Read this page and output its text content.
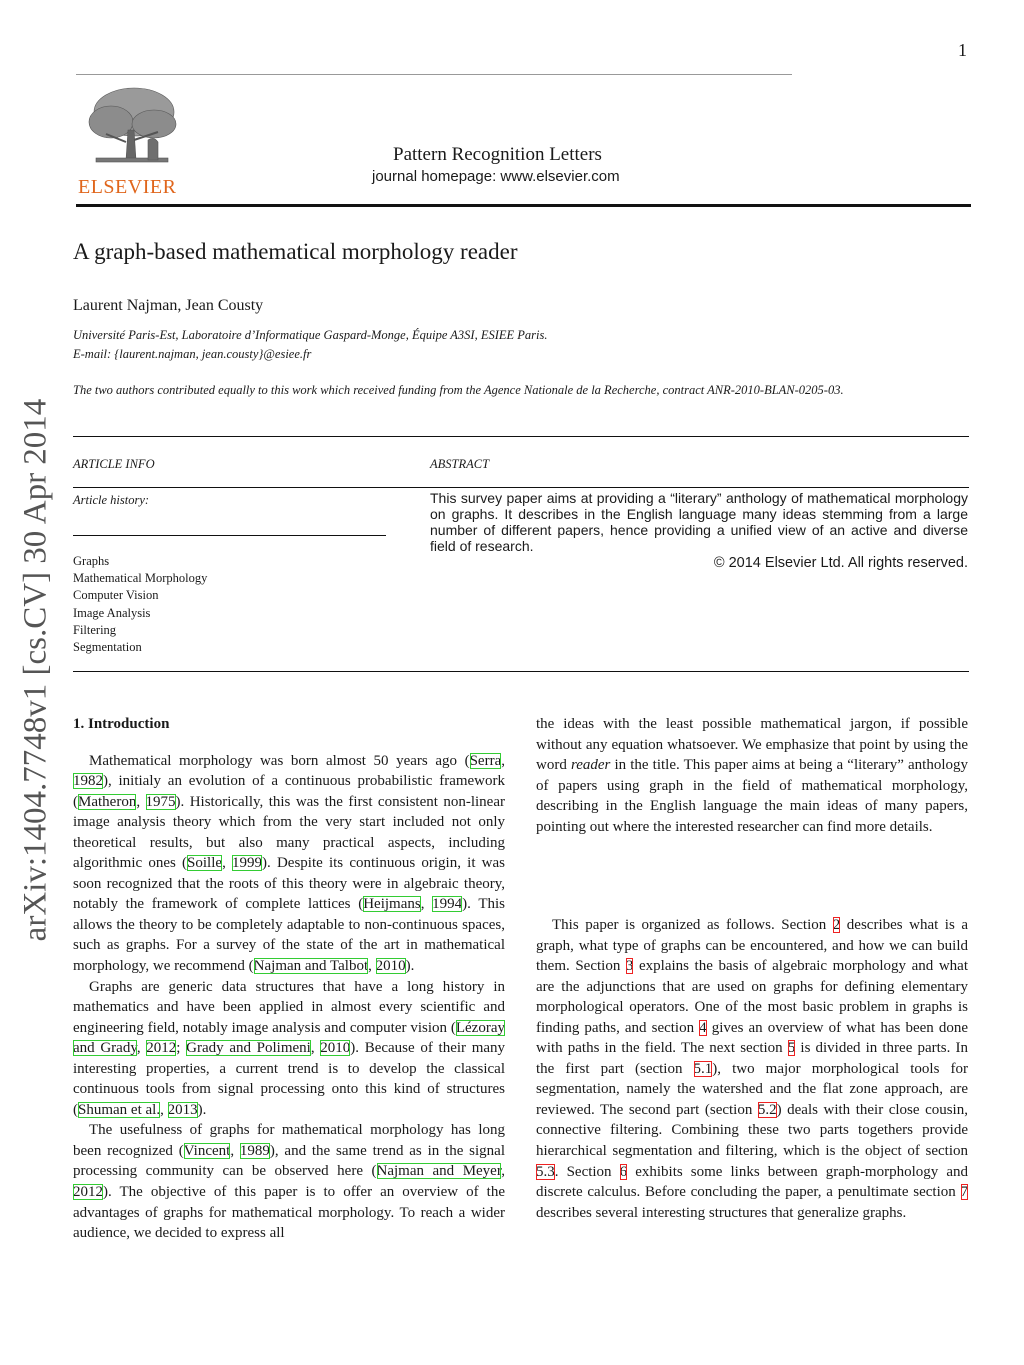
1
ELSEVIER
Pattern Recognition Letters
journal homepage: www.elsevier.com
A graph-based mathematical morphology reader
Laurent Najman, Jean Cousty
Université Paris-Est, Laboratoire d’Informatique Gaspard-Monge, Équipe A3SI, ESIEE Paris.
E-mail: {laurent.najman, jean.cousty}@esiee.fr
The two authors contributed equally to this work which received funding from the Agence Nationale de la Recherche, contract ANR-2010-BLAN-0205-03.
ARTICLE INFO	ABSTRACT
Article history:
Graphs
Mathematical Morphology
Computer Vision
Image Analysis
Filtering
Segmentation
This survey paper aims at providing a “literary” anthology of mathematical morphology on graphs. It describes in the English language many ideas stemming from a large number of different papers, hence providing a unified view of an active and diverse field of research.
© 2014 Elsevier Ltd. All rights reserved.
arXiv:1404.7748v1 [cs.CV] 30 Apr 2014 1. Introduction

Mathematical morphology was born almost 50 years ago (Serra, 1982), initialy an evolution of a continuous probabilistic framework (Matheron, 1975). Historically, this was the first consistent non-linear image analysis theory which from the very start included not only theoretical results, but also many practical aspects, including algorithmic ones (Soille, 1999). Despite its continuous origin, it was soon recognized that the roots of this theory were in algebraic theory, notably the framework of complete lattices (Heijmans, 1994). This allows the theory to be completely adaptable to non-continuous spaces, such as graphs. For a survey of the state of the art in mathematical morphology, we recommend (Najman and Talbot, 2010).

Graphs are generic data structures that have a long history in mathematics and have been applied in almost every scientific and engineering field, notably image analysis and computer vision (Lézoray and Grady, 2012; Grady and Polimeni, 2010). Because of their many interesting properties, a current trend is to develop the classical continuous tools from signal processing onto this kind of structures (Shuman et al., 2013).

The usefulness of graphs for mathematical morphology has long been recognized (Vincent, 1989), and the same trend as in the signal processing community can be observed here (Najman and Meyer, 2012). The objective of this paper is to offer an overview of the advantages of graphs for mathematical morphology. To reach a wider audience, we decided to express all

the ideas with the least possible mathematical jargon, if possible without any equation whatsoever. We emphasize that point by using the word reader in the title. This paper aims at being a “literary” anthology of papers using graph in the field of mathematical morphology, describing in the English language the main ideas of many papers, pointing out where the interested researcher can find more details.

This paper is organized as follows. Section 2 describes what is a graph, what type of graphs can be encountered, and how we can build them. Section 3 explains the basis of algebraic morphology and what are the adjunctions that are used on graphs for defining elementary morphological operators. One of the most basic problem in graphs is finding paths, and section 4 gives an overview of what has been done with paths in the field. The next section 5 is divided in three parts. In the first part (section 5.1), two major morphological tools for segmentation, namely the watershed and the flat zone approach, are reviewed. The second part (section 5.2) deals with their close cousin, connective filtering. Combining these two parts togethers provide hierarchical segmentation and filtering, which is the object of section 5.3. Section 6 exhibits some links between graph-morphology and discrete calculus. Before concluding the paper, a penultimate section 7 describes several interesting structures that generalize graphs.
